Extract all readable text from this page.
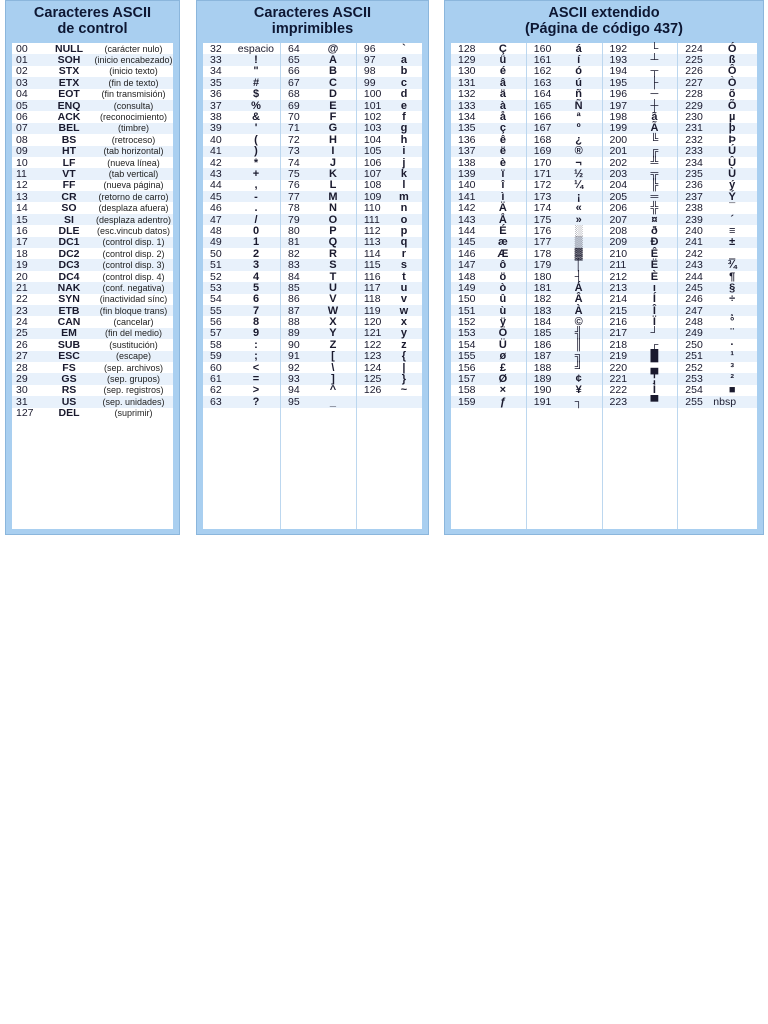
Caracteres ASCII
de control
00	NULL	(carácter nulo)
01	SOH	(inicio encabezado)
02	STX	(inicio texto)
03	ETX	(fin de texto)
04	EOT	(fin transmisión)
05	ENQ	(consulta)
06	ACK	(reconocimiento)
07	BEL	(timbre)
08	BS	(retroceso)
09	HT	(tab horizontal)
10	LF	(nueva línea)
11	VT	(tab vertical)
12	FF	(nueva página)
13	CR	(retorno de carro)
14	SO	(desplaza afuera)
15	SI	(desplaza adentro)
16	DLE	(esc.vincub datos)
17	DC1	(control disp. 1)
18	DC2	(control disp. 2)
19	DC3	(control disp. 3)
20	DC4	(control disp. 4)
21	NAK	(conf. negativa)
22	SYN	(inactividad sínc)
23	ETB	(fin bloque trans)
24	CAN	(cancelar)
25	EM	(fin del medio)
26	SUB	(sustitución)
27	ESC	(escape)
28	FS	(sep. archivos)
29	GS	(sep. grupos)
30	RS	(sep. registros)
31	US	(sep. unidades)
127	DEL	(suprimir)
Caracteres ASCII
imprimibles
32	espacio
33	!
34	"
35	#
36	$
37	%
38	&
39	'
40	(
41	)
42	*
43	+
44	,
45	-
46	.
47	/
48	0
49	1
50	2
51	3
52	4
53	5
54	6
55	7
56	8
57	9
58	:
59	;
60	<
61	=
62	>
63	?
64	@
65	A
66	B
67	C
68	D
69	E
70	F
71	G
72	H
73	I
74	J
75	K
76	L
77	M
78	N
79	O
80	P
81	Q
82	R
83	S
84	T
85	U
86	V
87	W
88	X
89	Y
90	Z
91	[
92	\
93	]
94	^
95	_
96	`
97	a
98	b
99	c
100	d
101	e
102	f
103	g
104	h
105	i
106	j
107	k
108	l
109	m
110	n
111	o
112	p
113	q
114	r
115	s
116	t
117	u
118	v
119	w
120	x
121	y
122	z
123	{
124	|
125	}
126	~
ASCII extendido
(Página de código 437)
128	Ç
129	ü
130	é
131	â
132	ä
133	à
134	å
135	ç
136	ê
137	ë
138	è
139	ï
140	î
141	ì
142	Ä
143	Å
144	É
145	æ
146	Æ
147	ô
148	ö
149	ò
150	û
151	ù
152	ÿ
153	Ö
154	Ü
155	ø
156	£
157	Ø
158	×
159	ƒ
160	á
161	í
162	ó
163	ú
164	ñ
165	Ñ
166	ª
167	º
168	¿
169	®
170	¬
171	½
172	¼
173	¡
174	«
175	»
176	░
177	▒
178	▓
179	│
180	┤
181	Á
182	Â
183	À
184	©
185	╣
186	║
187	╗
188	╝
189	¢
190	¥
191	┐
192	└
193	┴
194	┬
195	├
196	─
197	┼
198	ã
199	Ã
200	╚
201	╔
202	╩
203	╦
204	╠
205	═
206	╬
207	¤
208	ð
209	Ð
210	Ê
211	Ë
212	È
213	ı
214	Í
215	Î
216	Ï
217	┘
218	┌
219	█
220	▄
221	¦
222	Ì
223	▀
224	Ó
225	ß
226	Ô
227	Ò
228	õ
229	Õ
230	µ
231	þ
232	Þ
233	Ú
234	Û
235	Ù
236	ý
237	Ý
238	¯
239	´
240	≡
241	±
242	‗
243	¾
244	¶
245	§
246	÷
247	¸
248	°
249	¨
250	·
251	¹
252	³
253	²
254	■
255 nbsp
